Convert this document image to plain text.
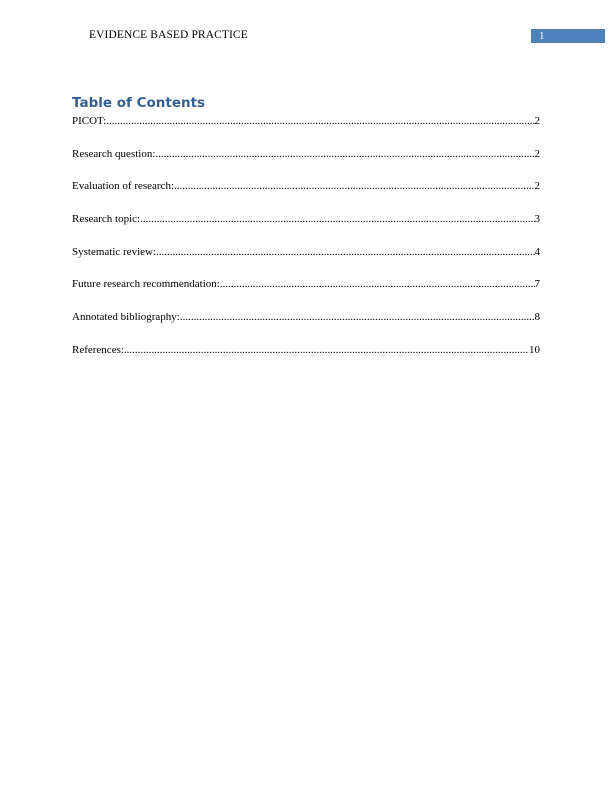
EVIDENCE BASED PRACTICE	1
Table of Contents
PICOT: .....	2
Research question: .....	2
Evaluation of research: .....	2
Research topic: .....	3
Systematic review: .....	4
Future research recommendation: .....	7
Annotated bibliography: .....	8
References: .....	10
